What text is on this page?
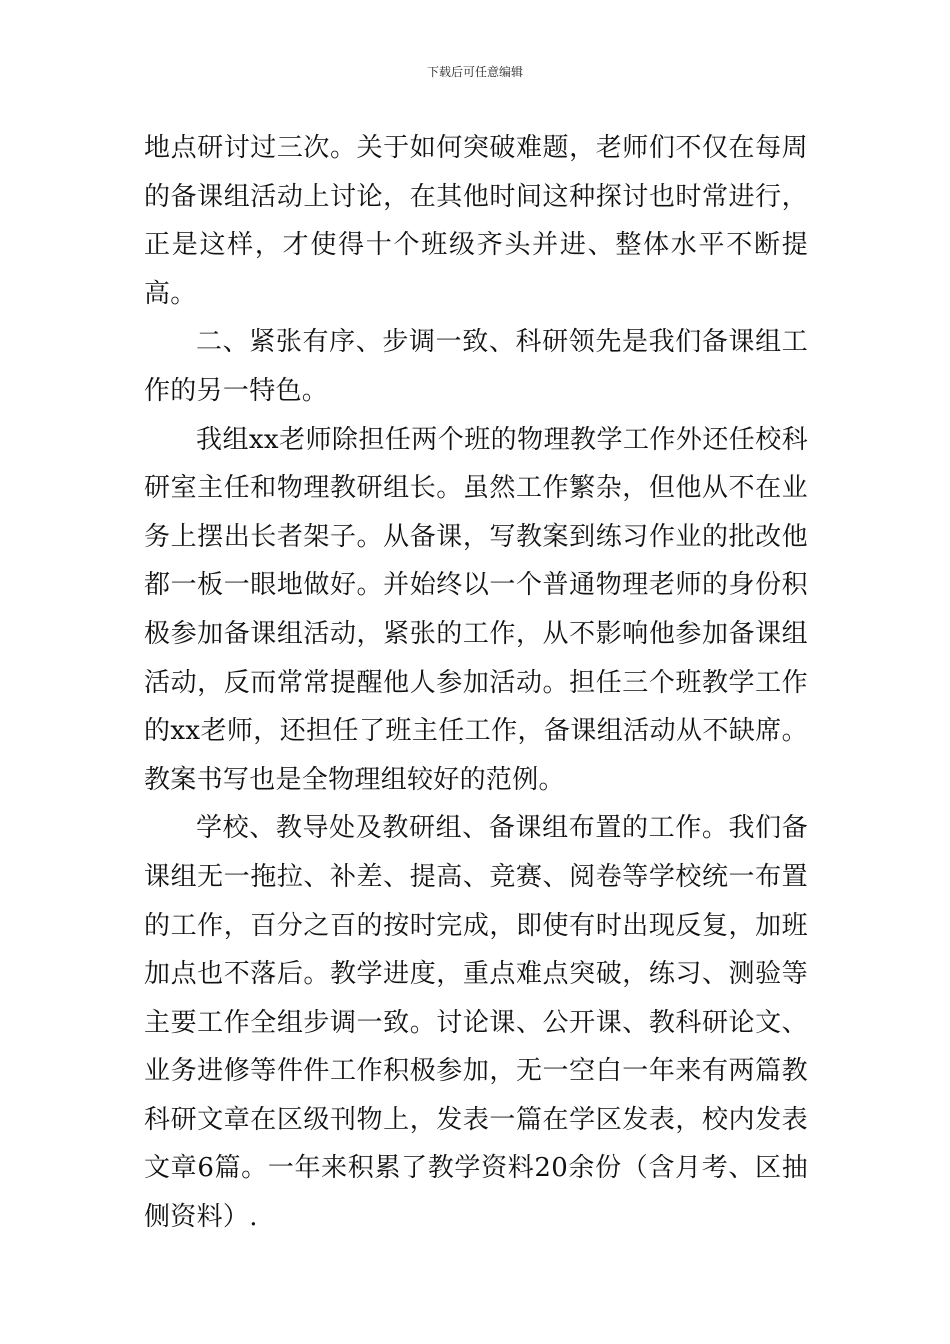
下载后可任意编辑

地点研讨过三次。关于如何突破难题，老师们不仅在每周的备课组活动上讨论，在其他时间这种探讨也时常进行，正是这样，才使得十个班级齐头并进、整体水平不断提高。

二、紧张有序、步调一致、科研领先是我们备课组工作的另一特色。

我组xx老师除担任两个班的物理教学工作外还任校科研室主任和物理教研组长。虽然工作繁杂，但他从不在业务上摆出长者架子。从备课，写教案到练习作业的批改他都一板一眼地做好。并始终以一个普通物理老师的身份积极参加备课组活动，紧张的工作，从不影响他参加备课组活动，反而常常提醒他人参加活动。担任三个班教学工作的xx老师，还担任了班主任工作，备课组活动从不缺席。教案书写也是全物理组较好的范例。

学校、教导处及教研组、备课组布置的工作。我们备课组无一拖拉、补差、提高、竞赛、阅卷等学校统一布置的工作，百分之百的按时完成，即使有时出现反复，加班加点也不落后。教学进度，重点难点突破，练习、测验等主要工作全组步调一致。讨论课、公开课、教科研论文、业务进修等件件工作积极参加，无一空白一年来有两篇教科研文章在区级刊物上，发表一篇在学区发表，校内发表文章6篇。一年来积累了教学资料20余份（含月考、区抽侧资料）.
